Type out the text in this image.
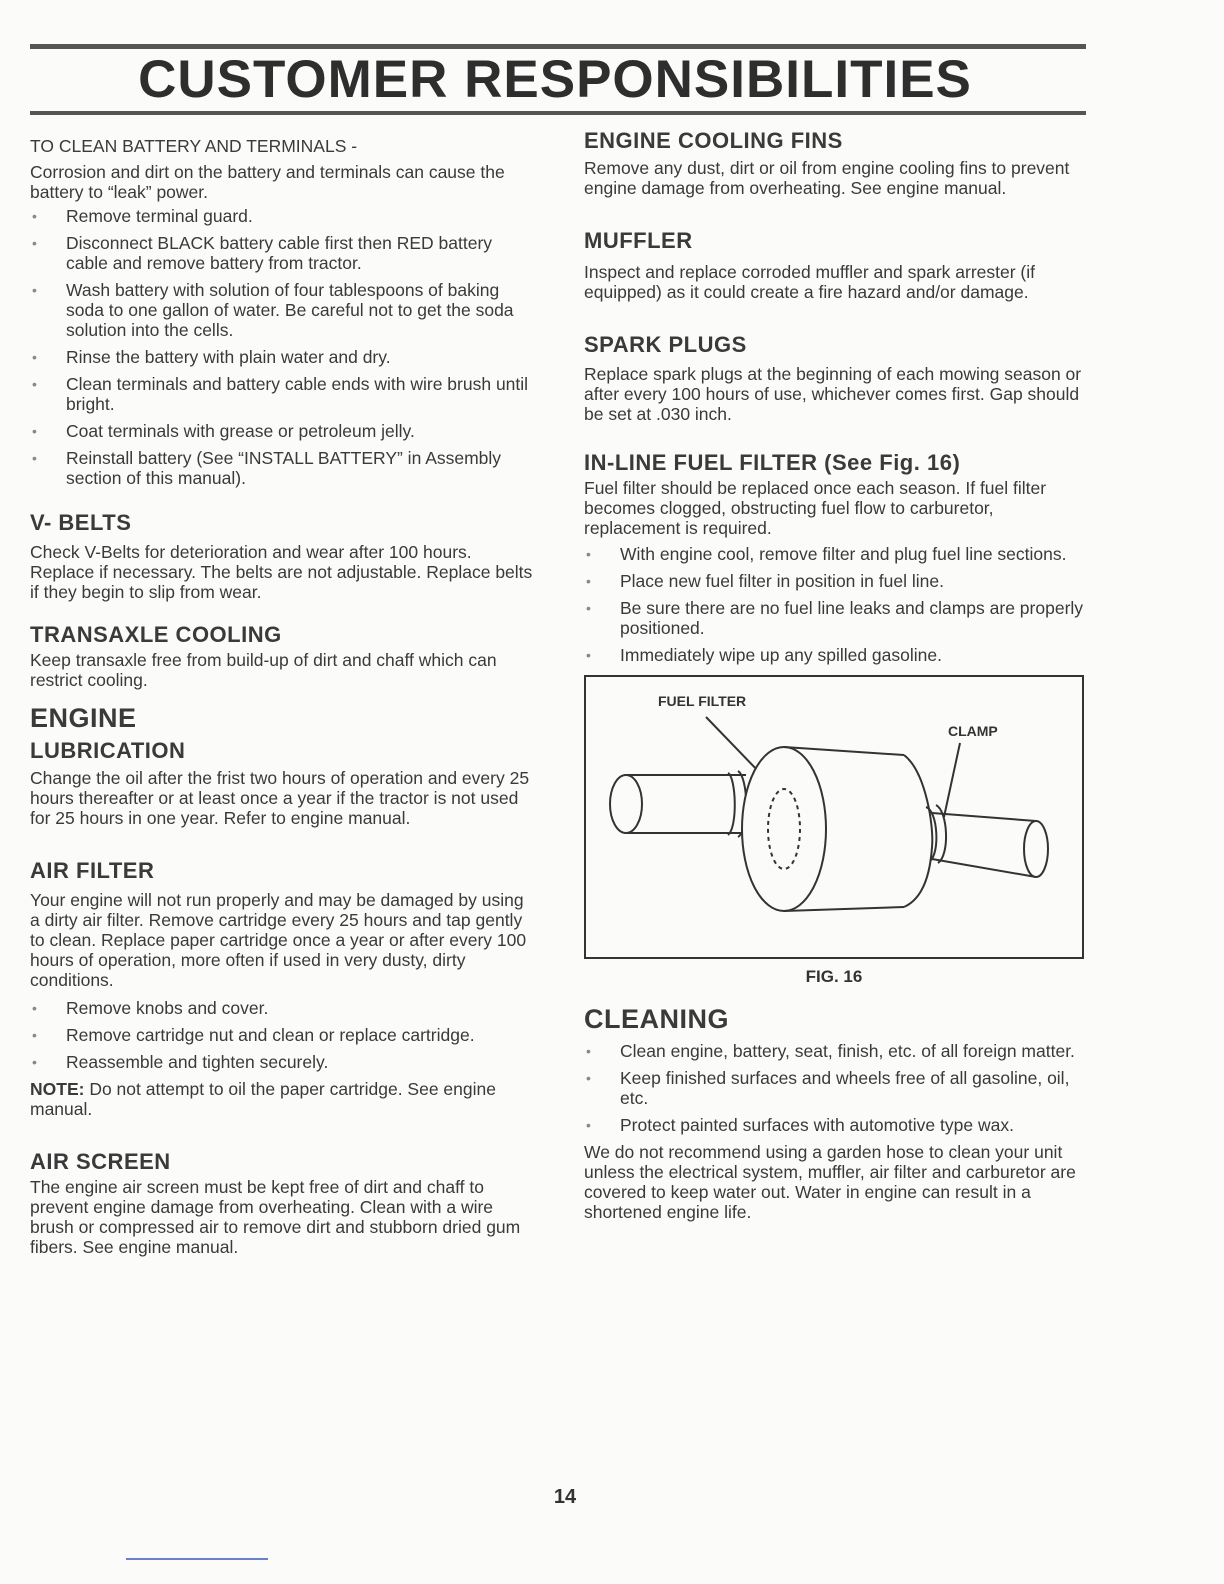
CUSTOMER RESPONSIBILITIES
TO CLEAN BATTERY AND TERMINALS -

Corrosion and dirt on the battery and terminals can cause the battery to “leak” power.

• Remove terminal guard.
• Disconnect BLACK battery cable first then RED battery cable and remove battery from tractor.
• Wash battery with solution of four tablespoons of baking soda to one gallon of water. Be careful not to get the soda solution into the cells.
• Rinse the battery with plain water and dry.
• Clean terminals and battery cable ends with wire brush until bright.
• Coat terminals with grease or petroleum jelly.
• Reinstall battery (See “INSTALL BATTERY” in Assembly section of this manual).
V- BELTS

Check V-Belts for deterioration and wear after 100 hours. Replace if necessary. The belts are not adjustable. Replace belts if they begin to slip from wear.

TRANSAXLE COOLING

Keep transaxle free from build-up of dirt and chaff which can restrict cooling.

ENGINE
LUBRICATION

Change the oil after the frist two hours of operation and every 25 hours thereafter or at least once a year if the tractor is not used for 25 hours in one year. Refer to engine manual.

AIR FILTER

Your engine will not run properly and may be damaged by using a dirty air filter. Remove cartridge every 25 hours and tap gently to clean. Replace paper cartridge once a year or after every 100 hours of operation, more often if used in very dusty, dirty conditions.

• Remove knobs and cover.
• Remove cartridge nut and clean or replace cartridge.
• Reassemble and tighten securely.

NOTE: Do not attempt to oil the paper cartridge. See engine manual.

AIR SCREEN

The engine air screen must be kept free of dirt and chaff to prevent engine damage from overheating. Clean with a wire brush or compressed air to remove dirt and stubborn dried gum fibers. See engine manual.

ENGINE COOLING FINS

Remove any dust, dirt or oil from engine cooling fins to prevent engine damage from overheating. See engine manual.

MUFFLER

Inspect and replace corroded muffler and spark arrester (if equipped) as it could create a fire hazard and/or damage.

SPARK PLUGS

Replace spark plugs at the beginning of each mowing season or after every 100 hours of use, whichever comes first. Gap should be set at .030 inch.

IN-LINE FUEL FILTER (See Fig. 16)

Fuel filter should be replaced once each season. If fuel filter becomes clogged, obstructing fuel flow to carburetor, replacement is required.

• With engine cool, remove filter and plug fuel line sections.
• Place new fuel filter in position in fuel line.
• Be sure there are no fuel line leaks and clamps are properly positioned.
• Immediately wipe up any spilled gasoline.
FUEL FILTER
CLAMP
FIG. 16
CLEANING
• Clean engine, battery, seat, finish, etc. of all foreign matter.
• Keep finished surfaces and wheels free of all gasoline, oil, etc.
• Protect painted surfaces with automotive type wax.

We do not recommend using a garden hose to clean your unit unless the electrical system, muffler, air filter and carburetor are covered to keep water out. Water in engine can result in a shortened engine life.

14
